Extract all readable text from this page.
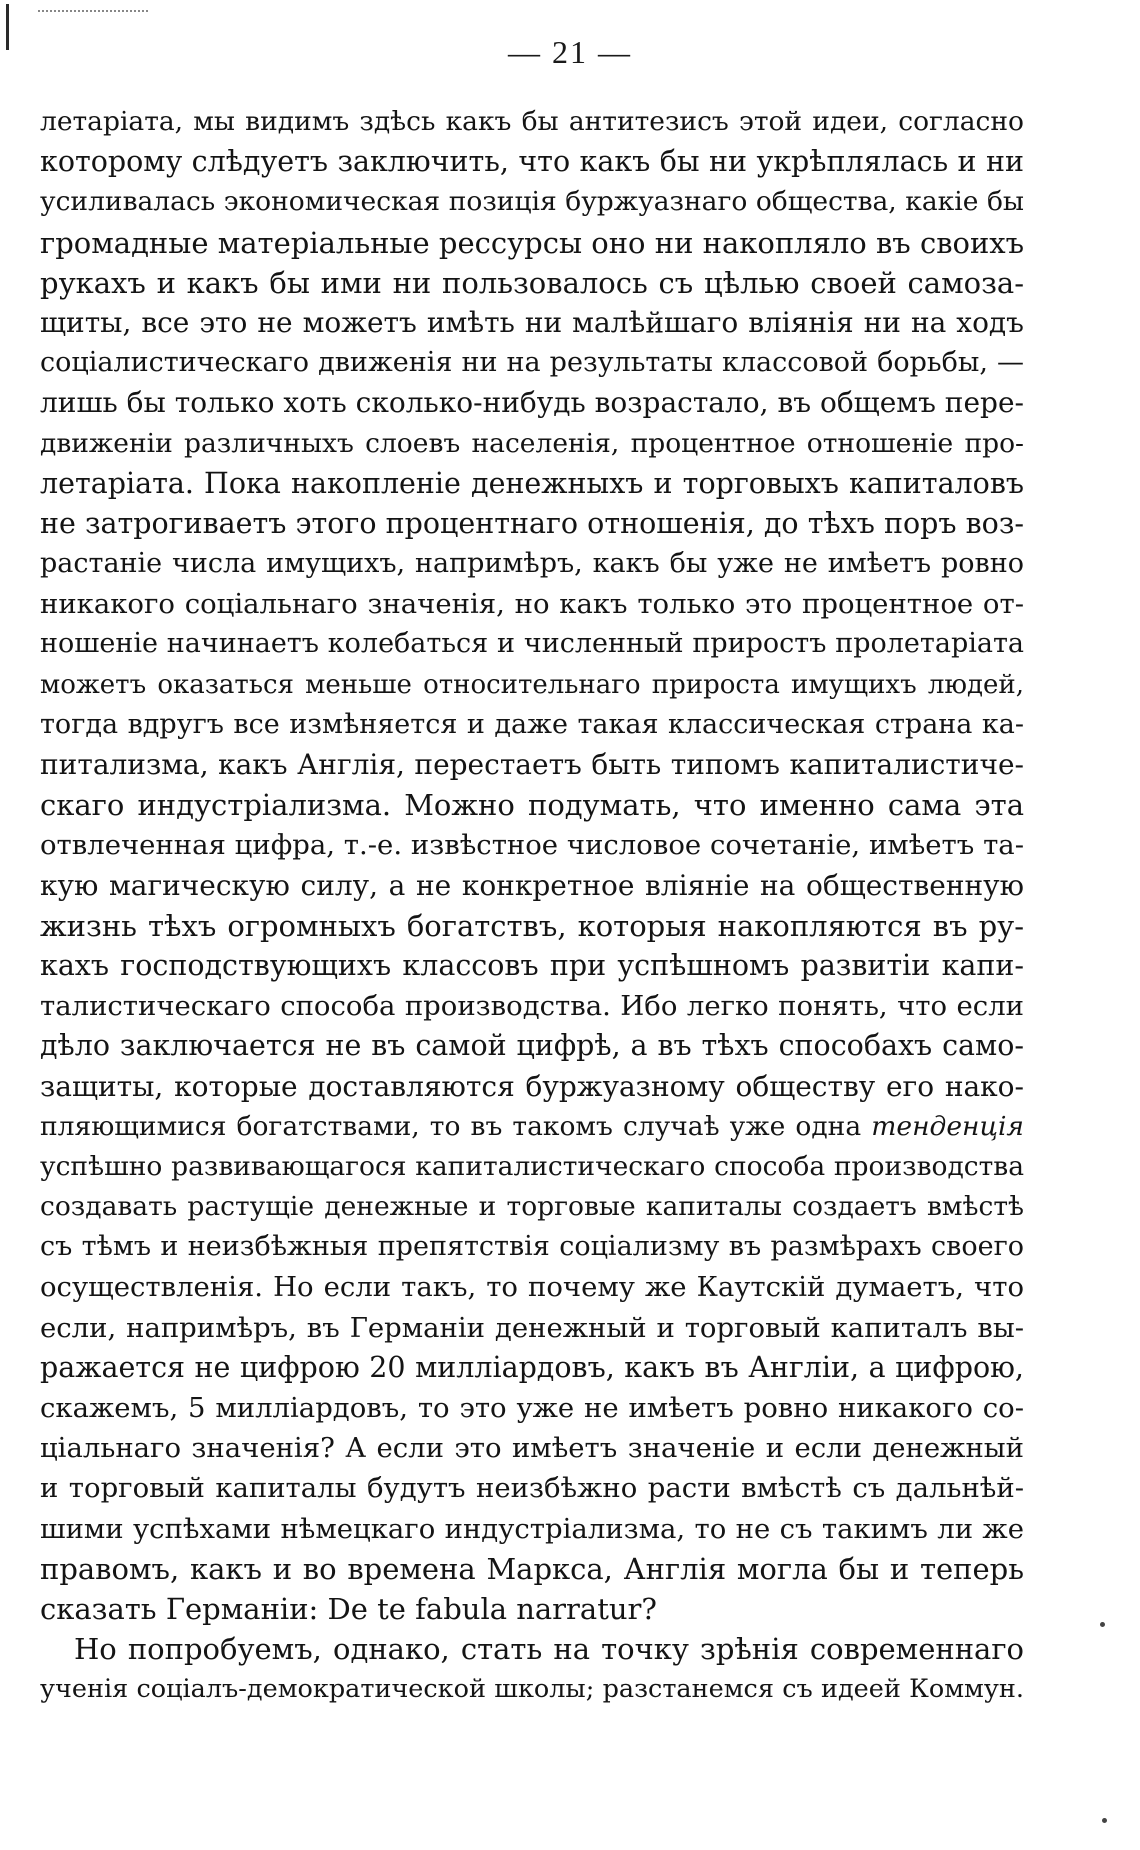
— 21 —
летаріата, мы видимъ здѣсь какъ бы антитезисъ этой идеи, согласно
которому слѣдуетъ заключить, что какъ бы ни укрѣплялась и ни
усиливалась экономическая позиція буржуазнаго общества, какіе бы
громадные матеріальные рессурсы оно ни накопляло въ своихъ
рукахъ и какъ бы ими ни пользовалось съ цѣлью своей самоза-
щиты, все это не можетъ имѣть ни малѣйшаго вліянія ни на ходъ
соціалистическаго движенія ни на результаты классовой борьбы, —
лишь бы только хоть сколько-нибудь возрастало, въ общемъ пере-
движеніи различныхъ слоевъ населенія, процентное отношеніе про-
летаріата. Пока накопленіе денежныхъ и торговыхъ капиталовъ
не затрогиваетъ этого процентнаго отношенія, до тѣхъ поръ воз-
растаніе числа имущихъ, напримѣръ, какъ бы уже не имѣетъ ровно
никакого соціальнаго значенія, но какъ только это процентное от-
ношеніе начинаетъ колебаться и численный приростъ пролетаріата
можетъ оказаться меньше относительнаго прироста имущихъ людей,
тогда вдругъ все измѣняется и даже такая классическая страна ка-
питализма, какъ Англія, перестаетъ быть типомъ капиталистиче-
скаго индустріализма. Можно подумать, что именно сама эта
отвлеченная цифра, т.-е. извѣстное числовое сочетаніе, имѣетъ та-
кую магическую силу, а не конкретное вліяніе на общественную
жизнь тѣхъ огромныхъ богатствъ, которыя накопляются въ ру-
кахъ господствующихъ классовъ при успѣшномъ развитіи капи-
талистическаго способа производства. Ибо легко понять, что если
дѣло заключается не въ самой цифрѣ, а въ тѣхъ способахъ само-
защиты, которые доставляются буржуазному обществу его нако-
пляющимися богатствами, то въ такомъ случаѣ уже одна тенденція
успѣшно развивающагося капиталистическаго способа производства
создавать растущіе денежные и торговые капиталы создаетъ вмѣстѣ
съ тѣмъ и неизбѣжныя препятствія соціализму въ размѣрахъ своего
осуществленія. Но если такъ, то почему же Каутскій думаетъ, что
если, напримѣръ, въ Германіи денежный и торговый капиталъ вы-
ражается не цифрою 20 милліардовъ, какъ въ Англіи, а цифрою,
скажемъ, 5 милліардовъ, то это уже не имѣетъ ровно никакого со-
ціальнаго значенія? А если это имѣетъ значеніе и если денежный
и торговый капиталы будутъ неизбѣжно расти вмѣстѣ съ дальнѣй-
шими успѣхами нѣмецкаго индустріализма, то не съ такимъ ли же
правомъ, какъ и во времена Маркса, Англія могла бы и теперь
сказать Германіи: De te fabula narratur?
Но попробуемъ, однако, стать на точку зрѣнія современнаго
ученія соціалъ-демократической школы; разстанемся съ идеей Коммун.
